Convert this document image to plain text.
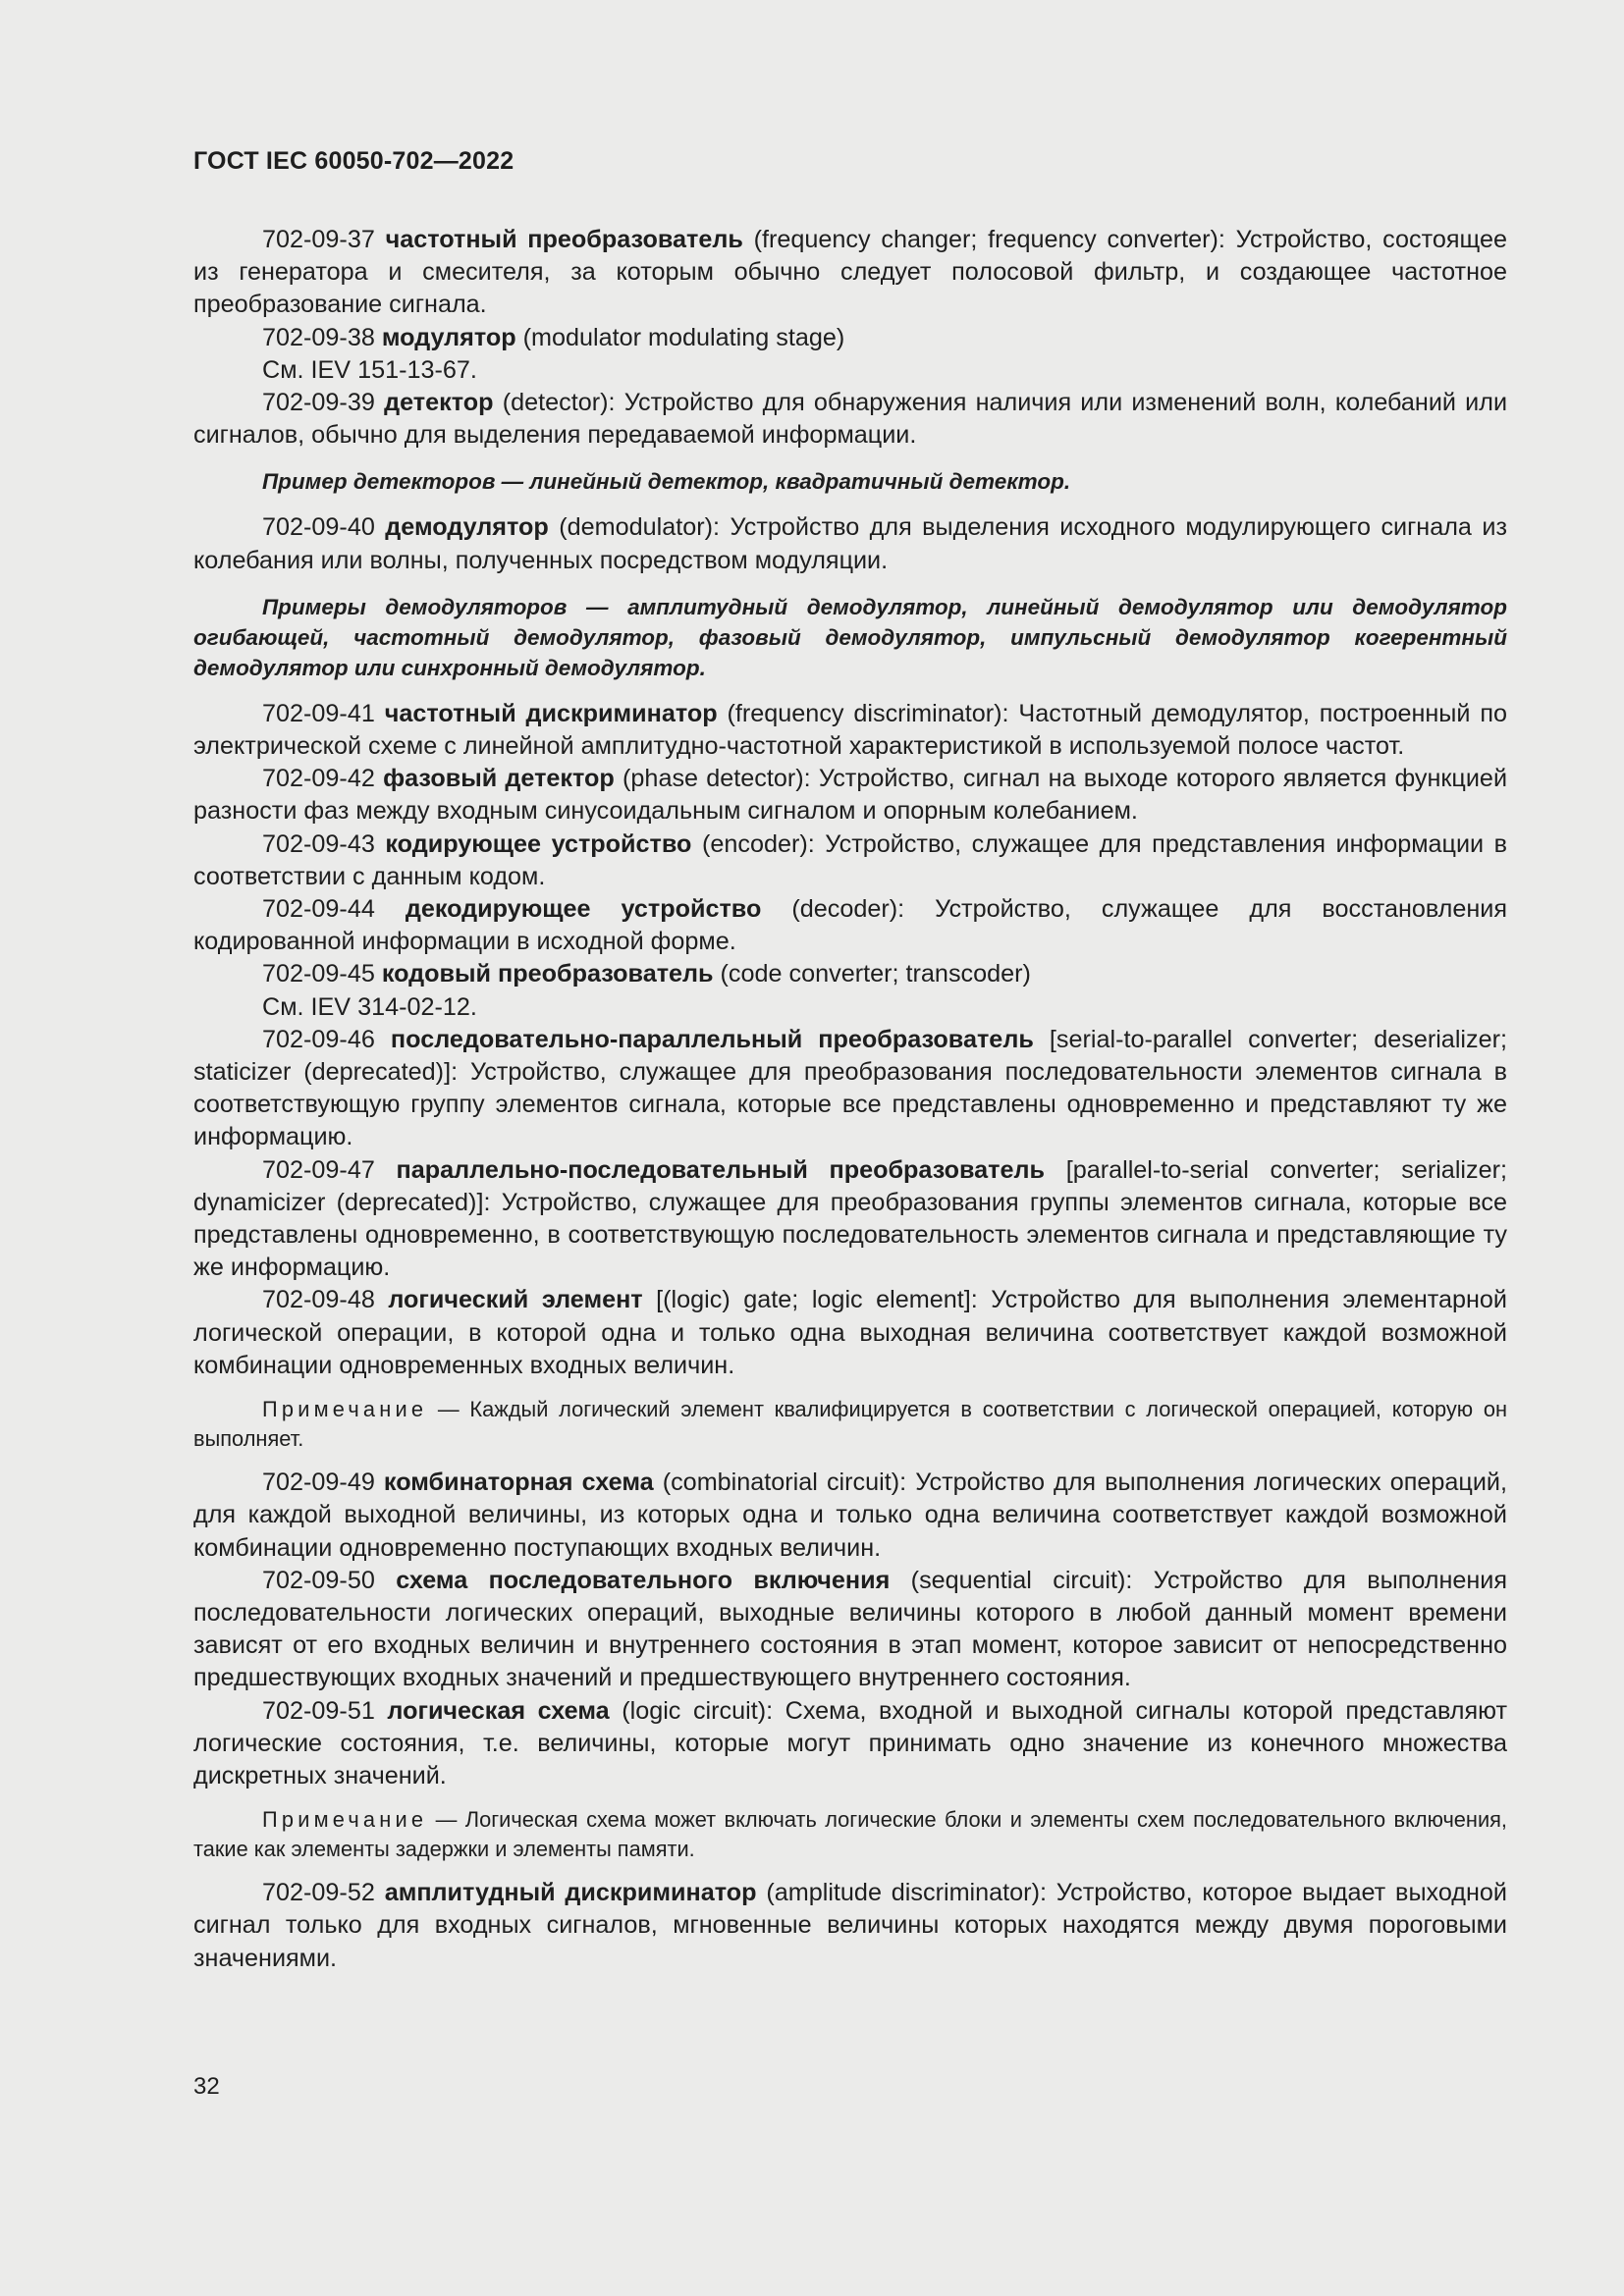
ГОСТ IEC 60050-702—2022

702-09-37 частотный преобразователь (frequency changer; frequency converter): Устройство, состоящее из генератора и смесителя, за которым обычно следует полосовой фильтр, и создающее частотное преобразование сигнала.

702-09-38 модулятор (modulator modulating stage)

См. IEV 151-13-67.

702-09-39 детектор (detector): Устройство для обнаружения наличия или изменений волн, колебаний или сигналов, обычно для выделения передаваемой информации.

Пример детекторов — линейный детектор, квадратичный детектор.

702-09-40 демодулятор (demodulator): Устройство для выделения исходного модулирующего сигнала из колебания или волны, полученных посредством модуляции.

Примеры демодуляторов — амплитудный демодулятор, линейный демодулятор или демодулятор огибающей, частотный демодулятор, фазовый демодулятор, импульсный демодулятор когерентный демодулятор или синхронный демодулятор.

702-09-41 частотный дискриминатор (frequency discriminator): Частотный демодулятор, построенный по электрической схеме с линейной амплитудно-частотной характеристикой в используемой полосе частот.

702-09-42 фазовый детектор (phase detector): Устройство, сигнал на выходе которого является функцией разности фаз между входным синусоидальным сигналом и опорным колебанием.

702-09-43 кодирующее устройство (encoder): Устройство, служащее для представления информации в соответствии с данным кодом.

702-09-44 декодирующее устройство (decoder): Устройство, служащее для восстановления кодированной информации в исходной форме.

702-09-45 кодовый преобразователь (code converter; transcoder)

См. IEV 314-02-12.

702-09-46 последовательно-параллельный преобразователь [serial-to-parallel converter; deserializer; staticizer (deprecated)]: Устройство, служащее для преобразования последовательности элементов сигнала в соответствующую группу элементов сигнала, которые все представлены одновременно и представляют ту же информацию.

702-09-47 параллельно-последовательный преобразователь [parallel-to-serial converter; serializer; dynamicizer (deprecated)]: Устройство, служащее для преобразования группы элементов сигнала, которые все представлены одновременно, в соответствующую последовательность элементов сигнала и представляющие ту же информацию.

702-09-48 логический элемент [(logic) gate; logic element]: Устройство для выполнения элементарной логической операции, в которой одна и только одна выходная величина соответствует каждой возможной комбинации одновременных входных величин.

Примечание — Каждый логический элемент квалифицируется в соответствии с логической операцией, которую он выполняет.

702-09-49 комбинаторная схема (combinatorial circuit): Устройство для выполнения логических операций, для каждой выходной величины, из которых одна и только одна величина соответствует каждой возможной комбинации одновременно поступающих входных величин.

702-09-50 схема последовательного включения (sequential circuit): Устройство для выполнения последовательности логических операций, выходные величины которого в любой данный момент времени зависят от его входных величин и внутреннего состояния в этап момент, которое зависит от непосредственно предшествующих входных значений и предшествующего внутреннего состояния.

702-09-51 логическая схема (logic circuit): Схема, входной и выходной сигналы которой представляют логические состояния, т.е. величины, которые могут принимать одно значение из конечного множества дискретных значений.

Примечание — Логическая схема может включать логические блоки и элементы схем последовательного включения, такие как элементы задержки и элементы памяти.

702-09-52 амплитудный дискриминатор (amplitude discriminator): Устройство, которое выдает выходной сигнал только для входных сигналов, мгновенные величины которых находятся между двумя пороговыми значениями.

32
